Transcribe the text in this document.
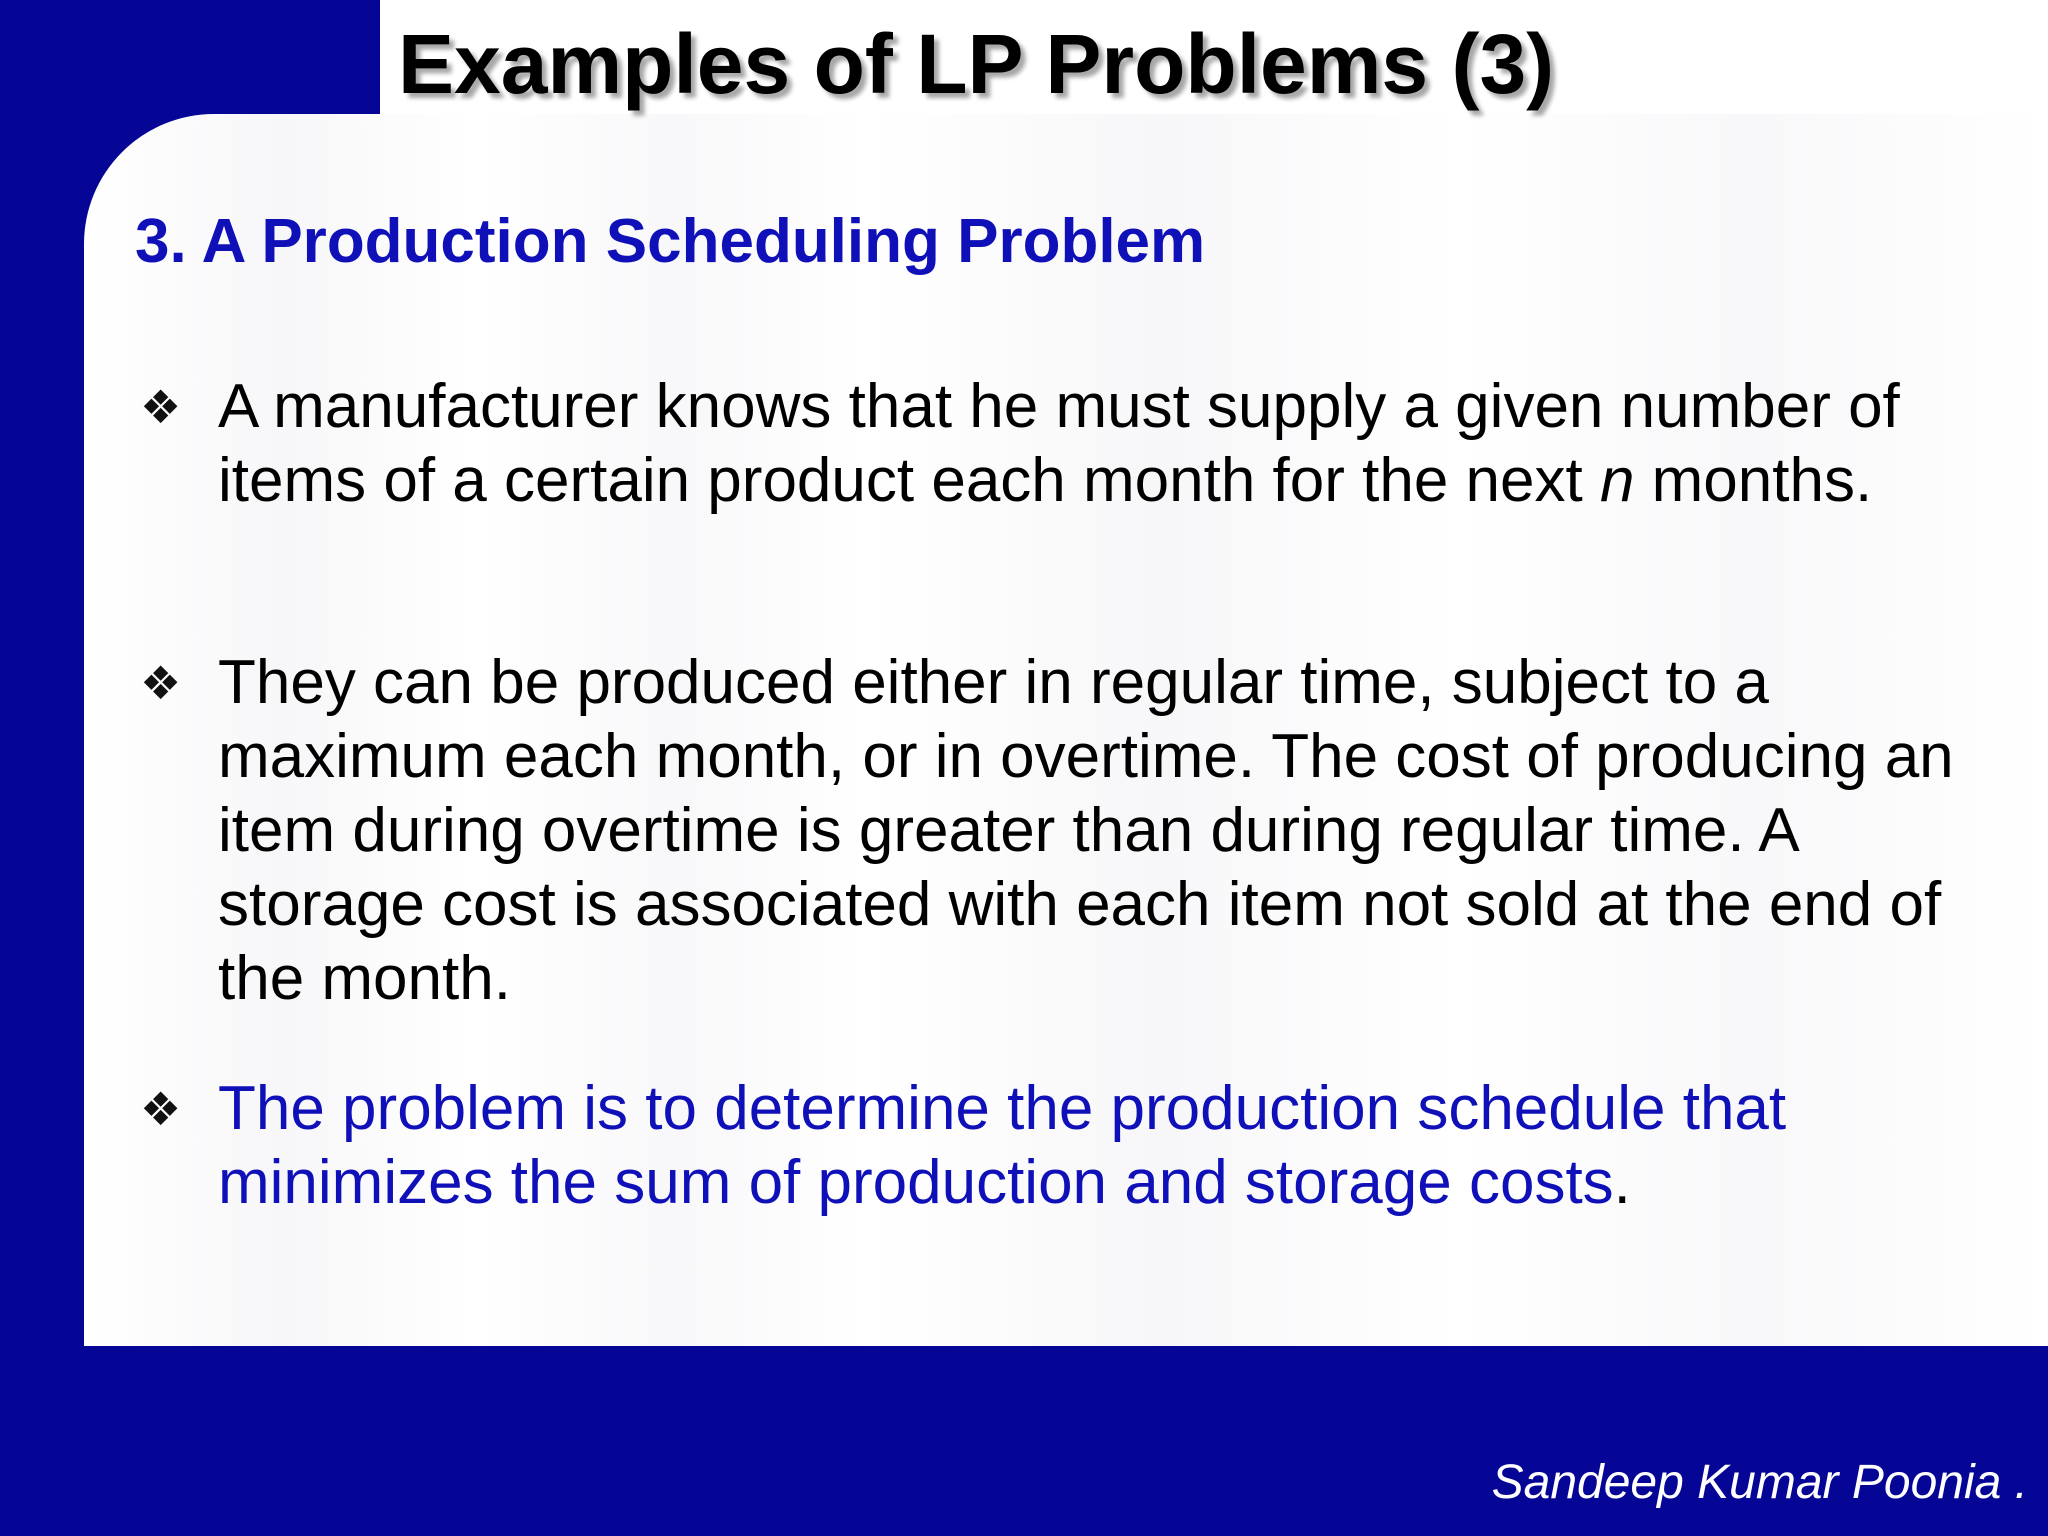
Examples of LP Problems (3)
3. A Production Scheduling Problem
❖ A manufacturer knows that he must supply a given number of items of a certain product each month for the next n months.
❖ They can be produced either in regular time, subject to a maximum each month, or in overtime. The cost of producing an item during overtime is greater than during regular time. A storage cost is associated with each item not sold at the end of the month.
❖ The problem is to determine the production schedule that minimizes the sum of production and storage costs.

Sandeep Kumar Poonia .
